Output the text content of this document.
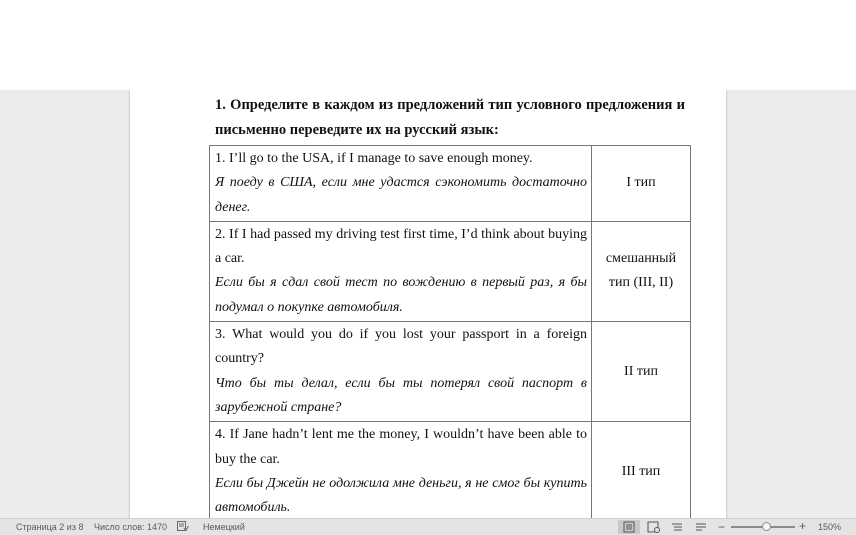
1. Определите в каждом из предложений тип условного предложения и
письменно переведите их на русский язык:
1. I’ll go to the USA, if I manage to save enough money.
Я поеду в США, если мне удастся сэкономить достаточно денег.	I тип

2. If I had passed my driving test first time, I’d think about buying a car.
Если бы я сдал свой тест по вождению в первый раз, я бы подумал о покупке автомобиля.	смешанный тип (III, II)

3. What would you do if you lost your passport in a foreign country?
Что бы ты делал, если бы ты потерял свой паспорт в зарубежной стране?	II тип

4. If Jane hadn’t lent me the money, I wouldn’t have been able to buy the car.
Если бы Джейн не одолжила мне деньги, я не смог бы купить автомобиль.	III тип

Страница 2 из 8 Число слов: 1470	Немецкий	−	+ 150%
